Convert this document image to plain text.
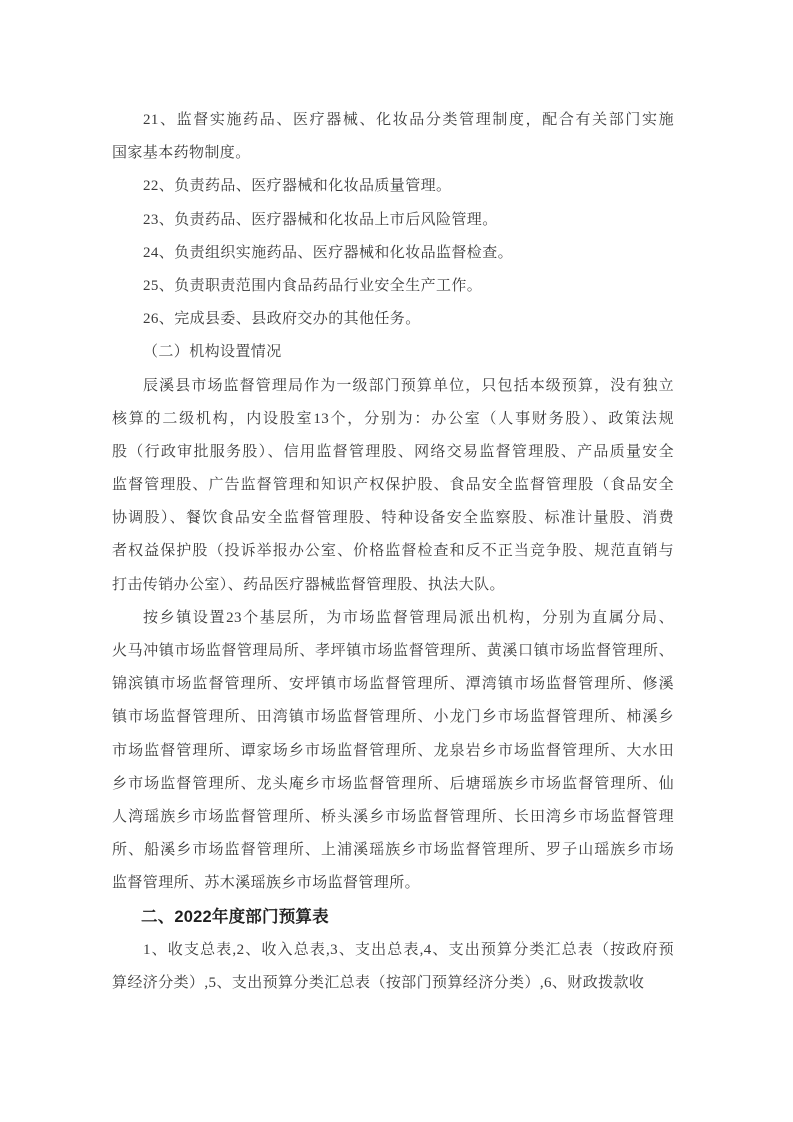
21、监督实施药品、医疗器械、化妆品分类管理制度，配合有关部门实施
国家基本药物制度。
22、负责药品、医疗器械和化妆品质量管理。
23、负责药品、医疗器械和化妆品上市后风险管理。
24、负责组织实施药品、医疗器械和化妆品监督检查。
25、负责职责范围内食品药品行业安全生产工作。
26、完成县委、县政府交办的其他任务。
（二）机构设置情况
辰溪县市场监督管理局作为一级部门预算单位，只包括本级预算，没有独立
核算的二级机构，内设股室13个，分别为：办公室（人事财务股）、政策法规
股（行政审批服务股）、信用监督管理股、网络交易监督管理股、产品质量安全
监督管理股、广告监督管理和知识产权保护股、食品安全监督管理股（食品安全
协调股）、餐饮食品安全监督管理股、特种设备安全监察股、标准计量股、消费
者权益保护股（投诉举报办公室、价格监督检查和反不正当竞争股、规范直销与
打击传销办公室）、药品医疗器械监督管理股、执法大队。
按乡镇设置23个基层所，为市场监督管理局派出机构，分别为直属分局、
火马冲镇市场监督管理局所、孝坪镇市场监督管理所、黄溪口镇市场监督管理所、
锦滨镇市场监督管理所、安坪镇市场监督管理所、潭湾镇市场监督管理所、修溪
镇市场监督管理所、田湾镇市场监督管理所、小龙门乡市场监督管理所、柿溪乡
市场监督管理所、谭家场乡市场监督管理所、龙泉岩乡市场监督管理所、大水田
乡市场监督管理所、龙头庵乡市场监督管理所、后塘瑶族乡市场监督管理所、仙
人湾瑶族乡市场监督管理所、桥头溪乡市场监督管理所、长田湾乡市场监督管理
所、船溪乡市场监督管理所、上浦溪瑶族乡市场监督管理所、罗子山瑶族乡市场
监督管理所、苏木溪瑶族乡市场监督管理所。
二、2022年度部门预算表
1、收支总表,2、收入总表,3、支出总表,4、支出预算分类汇总表（按政府预
算经济分类）,5、支出预算分类汇总表（按部门预算经济分类）,6、财政拨款收
